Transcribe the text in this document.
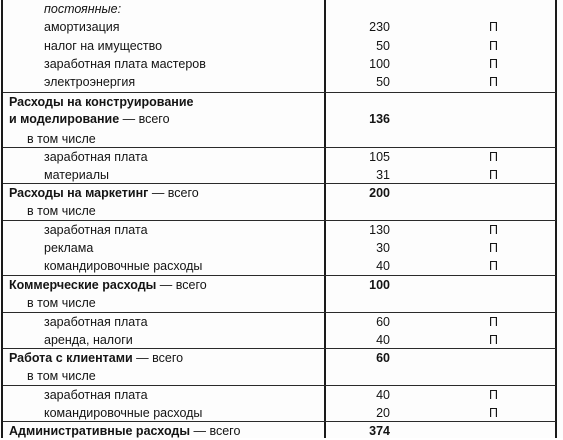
постоянные:
амортизация	230	П
налог на имущество	50	П
заработная плата мастеров	100	П
электроэнергия	50	П
Расходы на конструирование
и моделирование — всего	136
в том числе
заработная плата	105	П
материалы	31	П
Расходы на маркетинг — всего	200
в том числе
заработная плата	130	П
реклама	30	П
командировочные расходы	40	П
Коммерческие расходы — всего	100
в том числе
заработная плата	60	П
аренда, налоги	40	П
Работа с клиентами — всего	60
в том числе
заработная плата	40	П
командировочные расходы	20	П
Административные расходы — всего	374
